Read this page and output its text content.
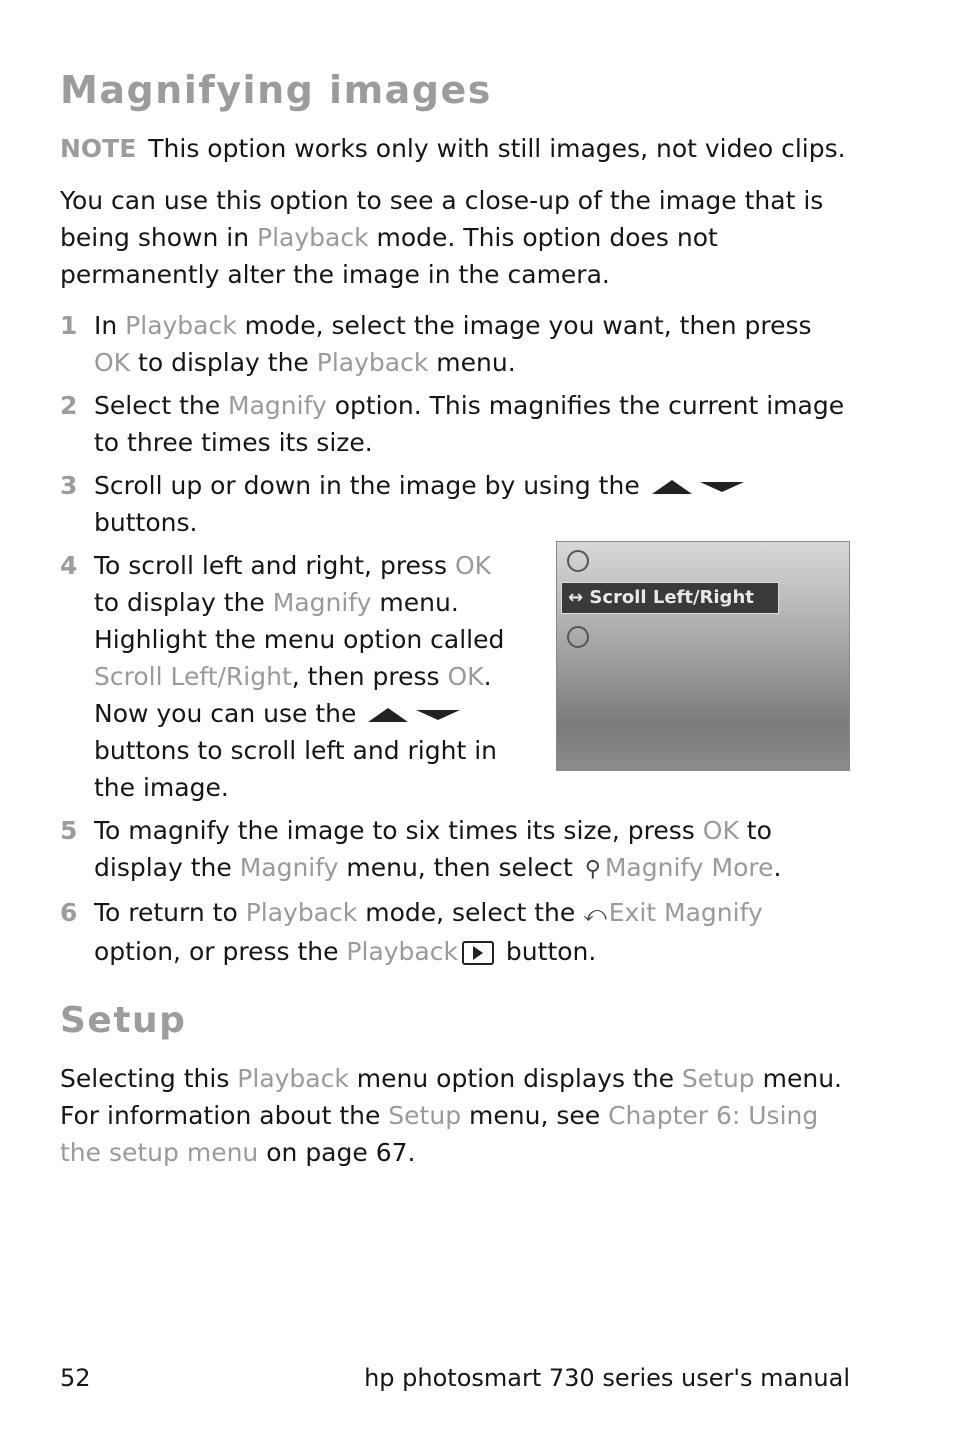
Magnifying images
NOTE This option works only with still images, not video clips.

You can use this option to see a close-up of the image that is being shown in Playback mode. This option does not permanently alter the image in the camera.

1 In Playback mode, select the image you want, then press OK to display the Playback menu.
2 Select the Magnify option. This magnifies the current image to three times its size.
3 Scroll up or down in the image by using the  buttons.
4 To scroll left and right, press OK to display the Magnify menu. Highlight the menu option called Scroll Left/Right, then press OK. Now you can use the  buttons to scroll left and right in the image.
↔ Scroll Left/Right
5 To magnify the image to six times its size, press OK to display the Magnify menu, then select ⚲ Magnify More.
6 To return to Playback mode, select the ⤺Exit Magnify option, or press the Playback button.
Setup

Selecting this Playback menu option displays the Setup menu. For information about the Setup menu, see Chapter 6: Using the setup menu on page 67.

52	hp photosmart 730 series user's manual
